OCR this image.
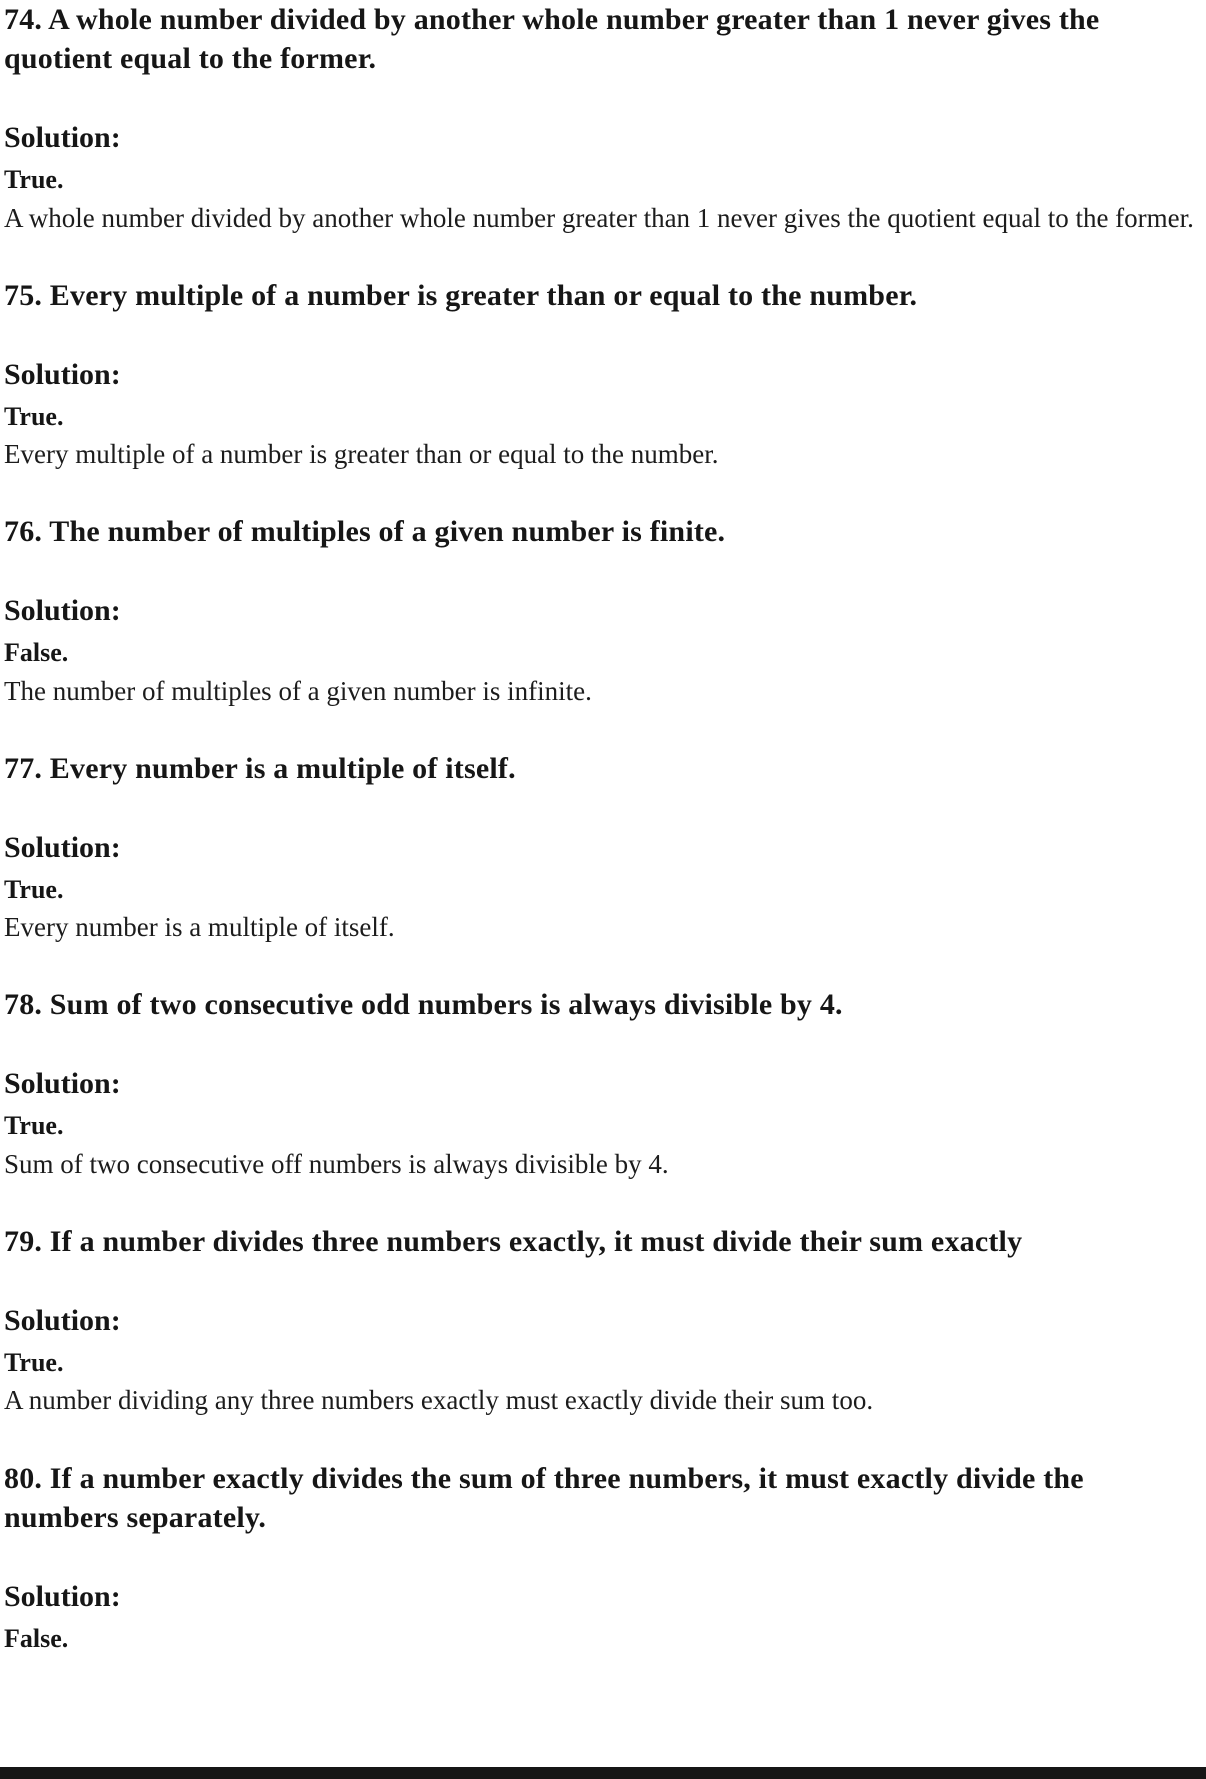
74. A whole number divided by another whole number greater than 1 never gives the quotient equal to the former.
Solution:

True.

A whole number divided by another whole number greater than 1 never gives the quotient equal to the former.

75. Every multiple of a number is greater than or equal to the number.
Solution:

True.

Every multiple of a number is greater than or equal to the number.

76. The number of multiples of a given number is finite.
Solution:

False.

The number of multiples of a given number is infinite.

77. Every number is a multiple of itself.
Solution:

True.

Every number is a multiple of itself.

78. Sum of two consecutive odd numbers is always divisible by 4.
Solution:

True.

Sum of two consecutive off numbers is always divisible by 4.

79. If a number divides three numbers exactly, it must divide their sum exactly
Solution:

True.

A number dividing any three numbers exactly must exactly divide their sum too.

80. If a number exactly divides the sum of three numbers, it must exactly divide the numbers separately.
Solution:

False.
